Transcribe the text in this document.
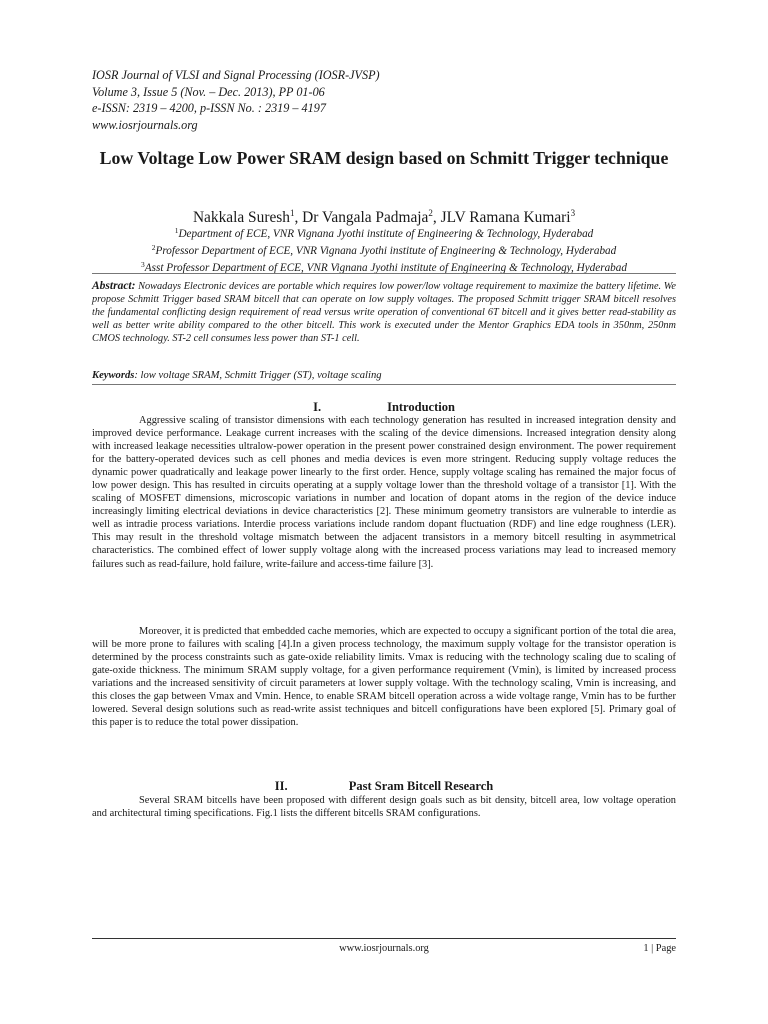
IOSR Journal of VLSI and Signal Processing (IOSR-JVSP)
Volume 3, Issue 5 (Nov. – Dec. 2013), PP 01-06
e-ISSN: 2319 – 4200, p-ISSN No. : 2319 – 4197
www.iosrjournals.org
Low Voltage Low Power SRAM design based on Schmitt Trigger technique
Nakkala Suresh$^1$, Dr Vangala Padmaja$^2$, JLV Ramana Kumari$^3$
$^1$Department of ECE, VNR Vignana Jyothi institute of Engineering & Technology, Hyderabad
$^2$Professor Department of ECE, VNR Vignana Jyothi institute of Engineering & Technology, Hyderabad
$^3$Asst Professor Department of ECE, VNR Vignana Jyothi institute of Engineering & Technology, Hyderabad
Abstract: Nowadays Electronic devices are portable which requires low power/low voltage requirement to maximize the battery lifetime. We propose Schmitt Trigger based SRAM bitcell that can operate on low supply voltages. The proposed Schmitt trigger SRAM bitcell resolves the fundamental conflicting design requirement of read versus write operation of conventional 6T bitcell and it gives better read-stability as well as better write ability compared to the other bitcell. This work is executed under the Mentor Graphics EDA tools in 350nm, 250nm CMOS technology. ST-2 cell consumes less power than ST-1 cell.
Keywords: low voltage SRAM, Schmitt Trigger (ST), voltage scaling
I.	Introduction
Aggressive scaling of transistor dimensions with each technology generation has resulted in increased integration density and improved device performance. Leakage current increases with the scaling of the device dimensions. Increased integration density along with increased leakage necessities ultralow-power operation in the present power constrained design environment. The power requirement for the battery-operated devices such as cell phones and media devices is even more stringent. Reducing supply voltage reduces the dynamic power quadratically and leakage power linearly to the first order. Hence, supply voltage scaling has remained the major focus of low power design. This has resulted in circuits operating at a supply voltage lower than the threshold voltage of a transistor [1]. With the scaling of MOSFET dimensions, microscopic variations in number and location of dopant atoms in the region of the device induce increasingly limiting electrical deviations in device characteristics [2]. These minimum geometry transistors are vulnerable to interdie as well as intradie process variations. Interdie process variations include random dopant fluctuation (RDF) and line edge roughness (LER). This may result in the threshold voltage mismatch between the adjacent transistors in a memory bitcell resulting in asymmetrical characteristics. The combined effect of lower supply voltage along with the increased process variations may lead to increased memory failures such as read-failure, hold failure, write-failure and access-time failure [3].
Moreover, it is predicted that embedded cache memories, which are expected to occupy a significant portion of the total die area, will be more prone to failures with scaling [4].In a given process technology, the maximum supply voltage for the transistor operation is determined by the process constraints such as gate-oxide reliability limits. Vmax is reducing with the technology scaling due to scaling of gate-oxide thickness. The minimum SRAM supply voltage, for a given performance requirement (Vmin), is limited by increased process variations and the increased sensitivity of circuit parameters at lower supply voltage. With the technology scaling, Vmin is increasing, and this closes the gap between Vmax and Vmin. Hence, to enable SRAM bitcell operation across a wide voltage range, Vmin has to be further lowered. Several design solutions such as read-write assist techniques and bitcell configurations have been explored [5]. Primary goal of this paper is to reduce the total power dissipation.
II.	Past Sram Bitcell Research
Several SRAM bitcells have been proposed with different design goals such as bit density, bitcell area, low voltage operation and architectural timing specifications. Fig.1 lists the different bitcells SRAM configurations.
www.iosrjournals.org	1 | Page
